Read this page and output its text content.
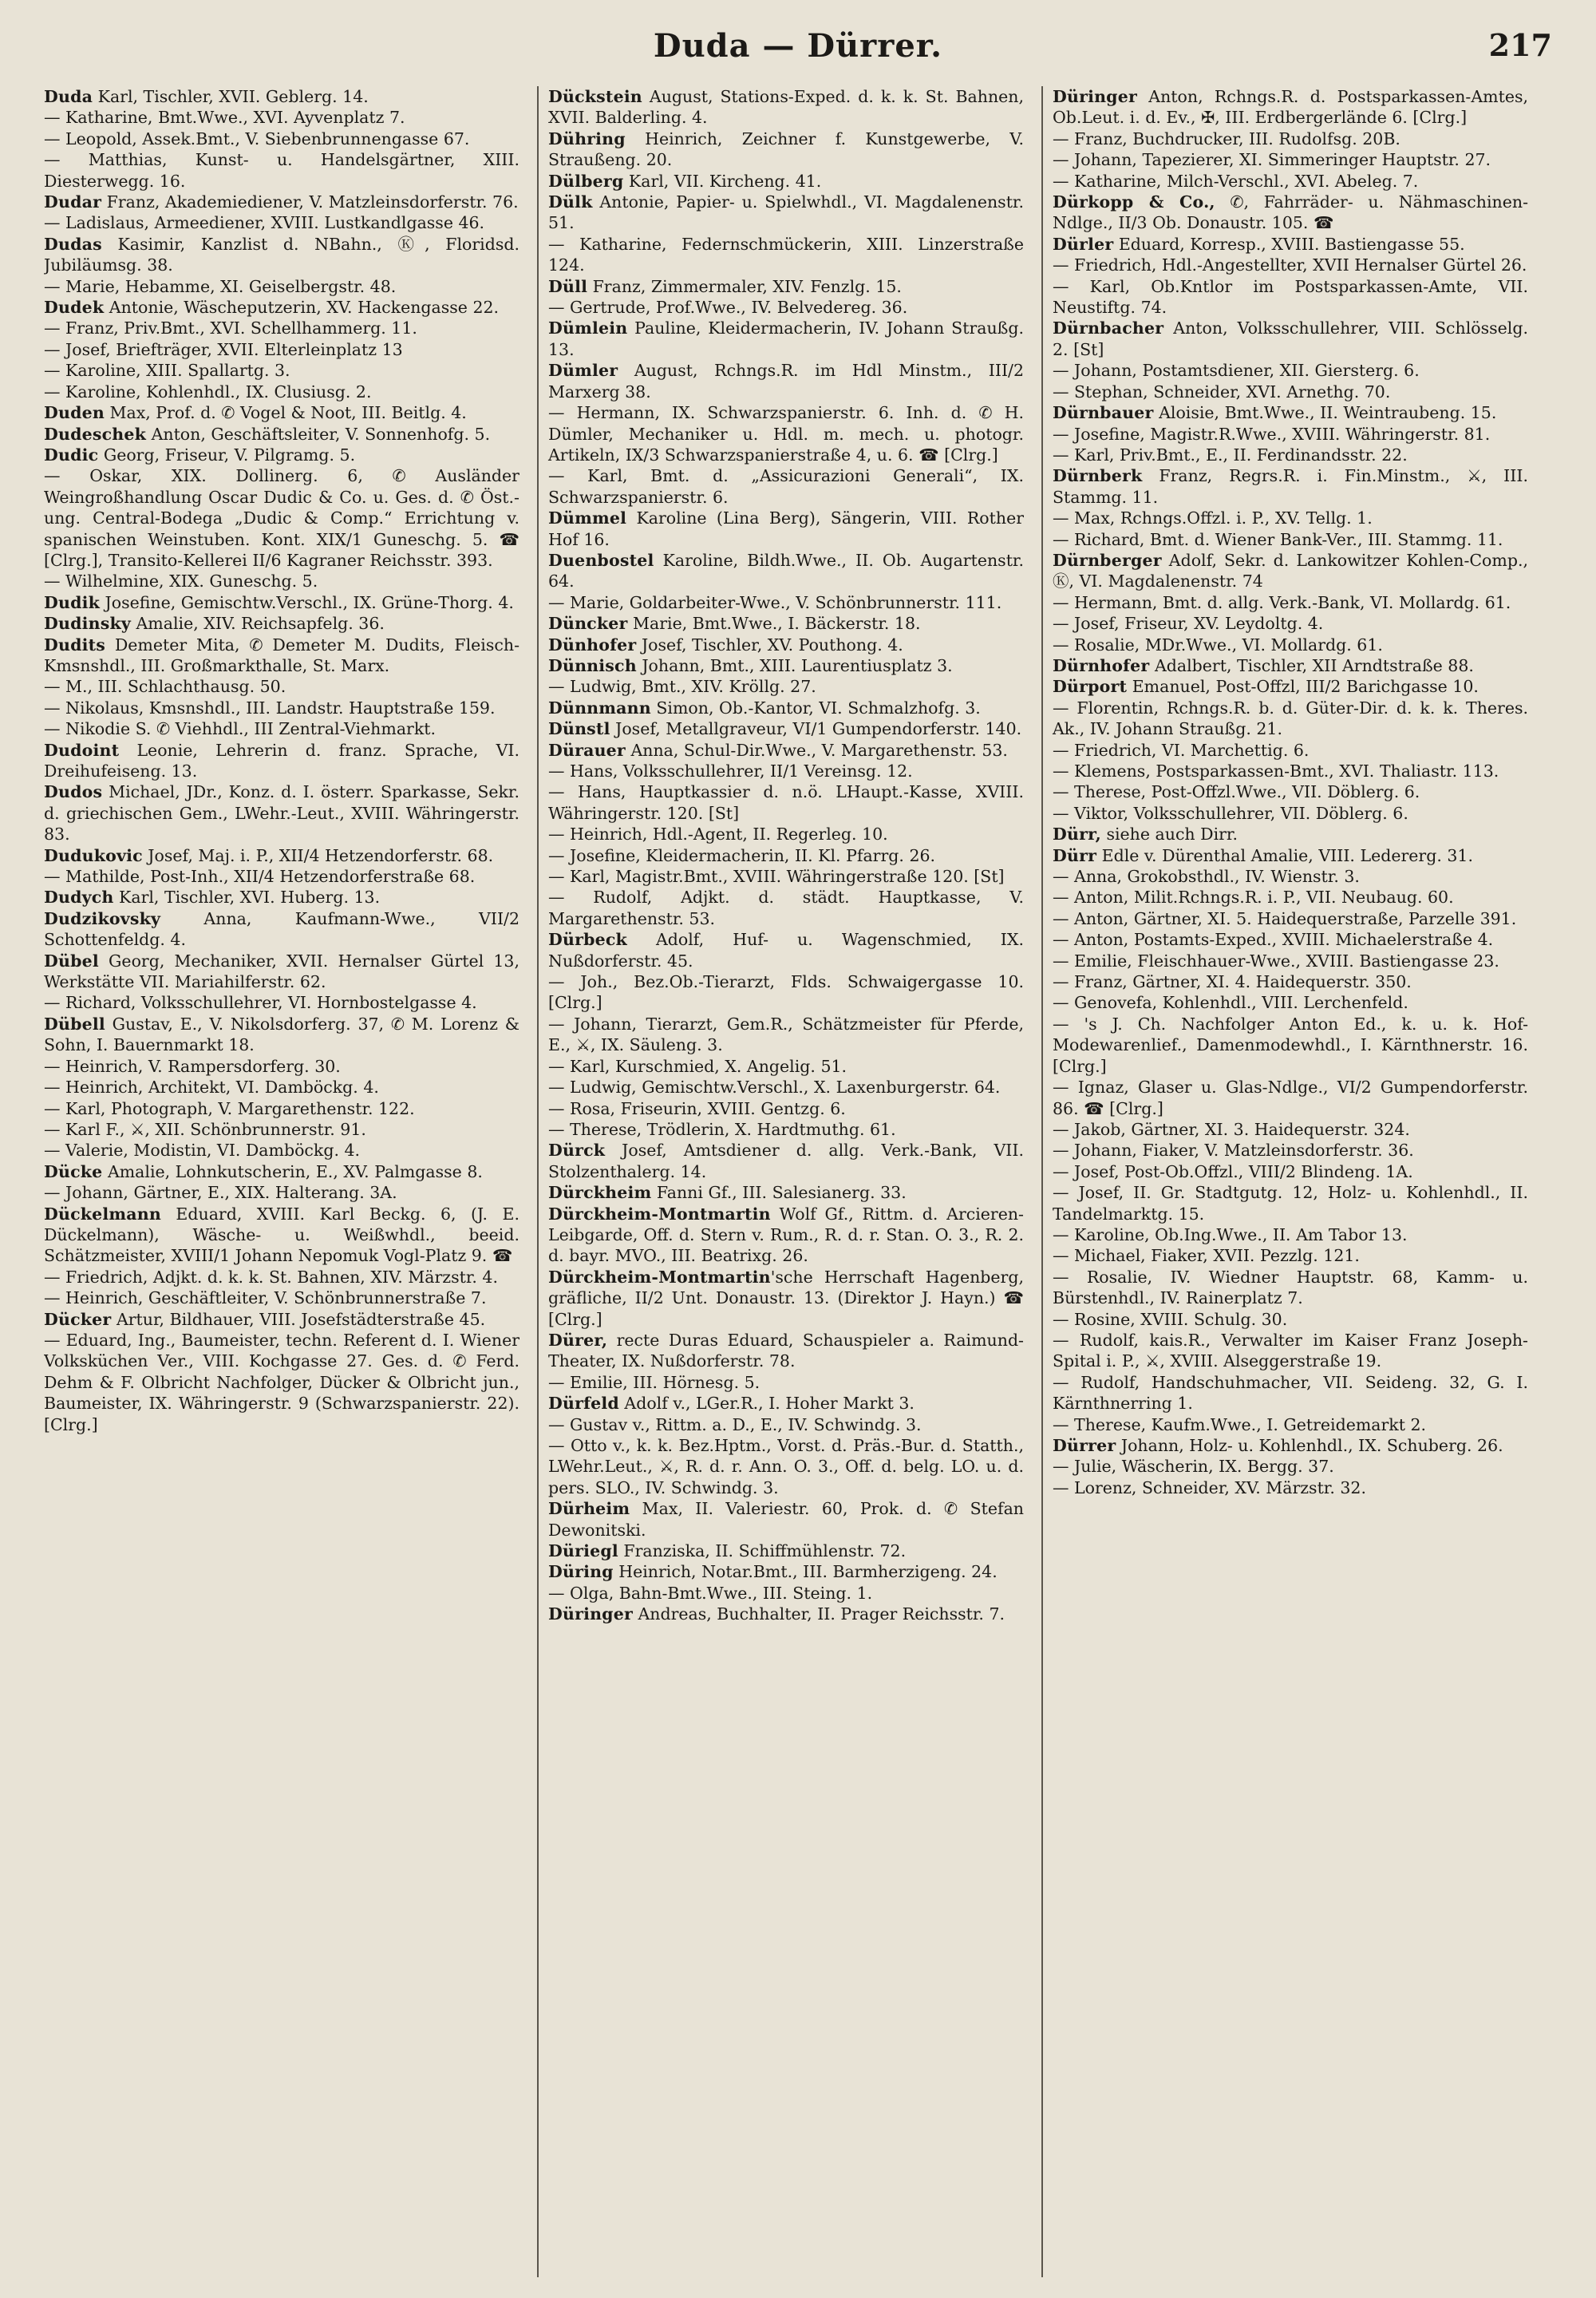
Duda — Dürrer.	217

Duda Karl, Tischler, XVII. Geblerg. 14.

— Katharine, Bmt.Wwe., XVI. Ayvenplatz 7.

— Leopold, Assek.Bmt., V. Siebenbrunnengasse 67.

— Matthias, Kunst- u. Handelsgärtner, XIII. Diesterwegg. 16.

Dudar Franz, Akademiediener, V. Matzleinsdorferstr. 76.

— Ladislaus, Armeediener, XVIII. Lustkandlgasse 46.

Dudas Kasimir, Kanzlist d. NBahn., Ⓚ, Floridsd. Jubiläumsg. 38.

— Marie, Hebamme, XI. Geiselbergstr. 48.

Dudek Antonie, Wäscheputzerin, XV. Hackengasse 22.

— Franz, Priv.Bmt., XVI. Schellhammerg. 11.

— Josef, Briefträger, XVII. Elterleinplatz 13

— Karoline, XIII. Spallartg. 3.

— Karoline, Kohlenhdl., IX. Clusiusg. 2.

Duden Max, Prof. d. ✆ Vogel & Noot, III. Beitlg. 4.

Dudeschek Anton, Geschäftsleiter, V. Sonnenhofg. 5.

Dudic Georg, Friseur, V. Pilgramg. 5.

— Oskar, XIX. Dollinerg. 6, ✆ Ausländer Weingroßhandlung Oscar Dudic & Co. u. Ges. d. ✆ Öst.-ung. Central-Bodega „Dudic & Comp.“ Errichtung v. spanischen Weinstuben. Kont. XIX/1 Guneschg. 5. ☎ [Clrg.], Transito-Kellerei II/6 Kagraner Reichsstr. 393.

— Wilhelmine, XIX. Guneschg. 5.

Dudik Josefine, Gemischtw.Verschl., IX. Grüne-Thorg. 4.

Dudinsky Amalie, XIV. Reichsapfelg. 36.

Dudits Demeter Mita, ✆ Demeter M. Dudits, Fleisch-Kmsnshdl., III. Großmarkthalle, St. Marx.

— M., III. Schlachthausg. 50.

— Nikolaus, Kmsnshdl., III. Landstr. Hauptstraße 159.

— Nikodie S. ✆ Viehhdl., III Zentral-Viehmarkt.

Dudoint Leonie, Lehrerin d. franz. Sprache, VI. Dreihufeiseng. 13.

Dudos Michael, JDr., Konz. d. I. österr. Sparkasse, Sekr. d. griechischen Gem., LWehr.-Leut., XVIII. Währingerstr. 83.

Dudukovic Josef, Maj. i. P., XII/4 Hetzendorferstr. 68.

— Mathilde, Post-Inh., XII/4 Hetzendorferstraße 68.

Dudych Karl, Tischler, XVI. Huberg. 13.

Dudzikovsky Anna, Kaufmann-Wwe., VII/2 Schottenfeldg. 4.

Dübel Georg, Mechaniker, XVII. Hernalser Gürtel 13, Werkstätte VII. Mariahilferstr. 62.

— Richard, Volksschullehrer, VI. Hornbostelgasse 4.

Dübell Gustav, E., V. Nikolsdorferg. 37, ✆ M. Lorenz & Sohn, I. Bauernmarkt 18.

— Heinrich, V. Rampersdorferg. 30.

— Heinrich, Architekt, VI. Damböckg. 4.

— Karl, Photograph, V. Margarethenstr. 122.

— Karl F., ⚔, XII. Schönbrunnerstr. 91.

— Valerie, Modistin, VI. Damböckg. 4.

Dücke Amalie, Lohnkutscherin, E., XV. Palmgasse 8.

— Johann, Gärtner, E., XIX. Halterang. 3A.

Dückelmann Eduard, XVIII. Karl Beckg. 6, (J. E. Dückelmann), Wäsche- u. Weißwhdl., beeid. Schätzmeister, XVIII/1 Johann Nepomuk Vogl-Platz 9. ☎

— Friedrich, Adjkt. d. k. k. St. Bahnen, XIV. Märzstr. 4.

— Heinrich, Geschäftleiter, V. Schönbrunnerstraße 7.

Dücker Artur, Bildhauer, VIII. Josefstädterstraße 45.

— Eduard, Ing., Baumeister, techn. Referent d. I. Wiener Volksküchen Ver., VIII. Kochgasse 27. Ges. d. ✆ Ferd. Dehm & F. Olbricht Nachfolger, Dücker & Olbricht jun., Baumeister, IX. Währingerstr. 9 (Schwarzspanierstr. 22). [Clrg.]

Dückstein August, Stations-Exped. d. k. k. St. Bahnen, XVII. Balderling. 4.

Dühring Heinrich, Zeichner f. Kunstgewerbe, V. Straußeng. 20.

Dülberg Karl, VII. Kircheng. 41.

Dülk Antonie, Papier- u. Spielwhdl., VI. Magdalenenstr. 51.

— Katharine, Federnschmückerin, XIII. Linzerstraße 124.

Düll Franz, Zimmermaler, XIV. Fenzlg. 15.

— Gertrude, Prof.Wwe., IV. Belvedereg. 36.

Dümlein Pauline, Kleidermacherin, IV. Johann Straußg. 13.

Dümler August, Rchngs.R. im Hdl Minstm., III/2 Marxerg 38.

— Hermann, IX. Schwarzspanierstr. 6. Inh. d. ✆ H. Dümler, Mechaniker u. Hdl. m. mech. u. photogr. Artikeln, IX/3 Schwarzspanierstraße 4, u. 6. ☎ [Clrg.]

— Karl, Bmt. d. „Assicurazioni Generali“, IX. Schwarzspanierstr. 6.

Dümmel Karoline (Lina Berg), Sängerin, VIII. Rother Hof 16.

Duenbostel Karoline, Bildh.Wwe., II. Ob. Augartenstr. 64.

— Marie, Goldarbeiter-Wwe., V. Schönbrunnerstr. 111.

Düncker Marie, Bmt.Wwe., I. Bäckerstr. 18.

Dünhofer Josef, Tischler, XV. Pouthong. 4.

Dünnisch Johann, Bmt., XIII. Laurentiusplatz 3.

— Ludwig, Bmt., XIV. Kröllg. 27.

Dünnmann Simon, Ob.-Kantor, VI. Schmalzhofg. 3.

Dünstl Josef, Metallgraveur, VI/1 Gumpendorferstr. 140.

Dürauer Anna, Schul-Dir.Wwe., V. Margarethenstr. 53.

— Hans, Volksschullehrer, II/1 Vereinsg. 12.

— Hans, Hauptkassier d. n.ö. LHaupt.-Kasse, XVIII. Währingerstr. 120. [St]

— Heinrich, Hdl.-Agent, II. Regerleg. 10.

— Josefine, Kleidermacherin, II. Kl. Pfarrg. 26.

— Karl, Magistr.Bmt., XVIII. Währingerstraße 120. [St]

— Rudolf, Adjkt. d. städt. Hauptkasse, V. Margarethenstr. 53.

Dürbeck Adolf, Huf- u. Wagenschmied, IX. Nußdorferstr. 45.

— Joh., Bez.Ob.-Tierarzt, Flds. Schwaigergasse 10. [Clrg.]

— Johann, Tierarzt, Gem.R., Schätzmeister für Pferde, E., ⚔, IX. Säuleng. 3.

— Karl, Kurschmied, X. Angelig. 51.

— Ludwig, Gemischtw.Verschl., X. Laxenburgerstr. 64.

— Rosa, Friseurin, XVIII. Gentzg. 6.

— Therese, Trödlerin, X. Hardtmuthg. 61.

Dürck Josef, Amtsdiener d. allg. Verk.-Bank, VII. Stolzenthalerg. 14.

Dürckheim Fanni Gf., III. Salesianerg. 33.

Dürckheim-Montmartin Wolf Gf., Rittm. d. Arcieren-Leibgarde, Off. d. Stern v. Rum., R. d. r. Stan. O. 3., R. 2. d. bayr. MVO., III. Beatrixg. 26.

Dürckheim-Montmartin'sche Herrschaft Hagenberg, gräfliche, II/2 Unt. Donaustr. 13. (Direktor J. Hayn.) ☎ [Clrg.]

Dürer, recte Duras Eduard, Schauspieler a. Raimund-Theater, IX. Nußdorferstr. 78.

— Emilie, III. Hörnesg. 5.

Dürfeld Adolf v., LGer.R., I. Hoher Markt 3.

— Gustav v., Rittm. a. D., E., IV. Schwindg. 3.

— Otto v., k. k. Bez.Hptm., Vorst. d. Präs.-Bur. d. Statth., LWehr.Leut., ⚔, R. d. r. Ann. O. 3., Off. d. belg. LO. u. d. pers. SLO., IV. Schwindg. 3.

Dürheim Max, II. Valeriestr. 60, Prok. d. ✆ Stefan Dewonitski.

Düriegl Franziska, II. Schiffmühlenstr. 72.

Düring Heinrich, Notar.Bmt., III. Barmherzigeng. 24.

— Olga, Bahn-Bmt.Wwe., III. Steing. 1.

Düringer Andreas, Buchhalter, II. Prager Reichsstr. 7.

Düringer Anton, Rchngs.R. d. Postsparkassen-Amtes, Ob.Leut. i. d. Ev., ✠, III. Erdbergerlände 6. [Clrg.]

— Franz, Buchdrucker, III. Rudolfsg. 20B.

— Johann, Tapezierer, XI. Simmeringer Hauptstr. 27.

— Katharine, Milch-Verschl., XVI. Abeleg. 7.

Dürkopp & Co., ✆, Fahrräder- u. Nähmaschinen-Ndlge., II/3 Ob. Donaustr. 105. ☎

Dürler Eduard, Korresp., XVIII. Bastiengasse 55.

— Friedrich, Hdl.-Angestellter, XVII Hernalser Gürtel 26.

— Karl, Ob.Kntlor im Postsparkassen-Amte, VII. Neustiftg. 74.

Dürnbacher Anton, Volksschullehrer, VIII. Schlösselg. 2. [St]

— Johann, Postamtsdiener, XII. Giersterg. 6.

— Stephan, Schneider, XVI. Arnethg. 70.

Dürnbauer Aloisie, Bmt.Wwe., II. Weintraubeng. 15.

— Josefine, Magistr.R.Wwe., XVIII. Währingerstr. 81.

— Karl, Priv.Bmt., E., II. Ferdinandsstr. 22.

Dürnberk Franz, Regrs.R. i. Fin.Minstm., ⚔, III. Stammg. 11.

— Max, Rchngs.Offzl. i. P., XV. Tellg. 1.

— Richard, Bmt. d. Wiener Bank-Ver., III. Stammg. 11.

Dürnberger Adolf, Sekr. d. Lankowitzer Kohlen-Comp., Ⓚ, VI. Magdalenenstr. 74

— Hermann, Bmt. d. allg. Verk.-Bank, VI. Mollardg. 61.

— Josef, Friseur, XV. Leydoltg. 4.

— Rosalie, MDr.Wwe., VI. Mollardg. 61.

Dürnhofer Adalbert, Tischler, XII Arndtstraße 88.

Dürport Emanuel, Post-Offzl, III/2 Barichgasse 10.

— Florentin, Rchngs.R. b. d. Güter-Dir. d. k. k. Theres. Ak., IV. Johann Straußg. 21.

— Friedrich, VI. Marchettig. 6.

— Klemens, Postsparkassen-Bmt., XVI. Thaliastr. 113.

— Therese, Post-Offzl.Wwe., VII. Döblerg. 6.

— Viktor, Volksschullehrer, VII. Döblerg. 6.

Dürr, siehe auch Dirr.

Dürr Edle v. Dürenthal Amalie, VIII. Ledererg. 31.

— Anna, Grokobsthdl., IV. Wienstr. 3.

— Anton, Milit.Rchngs.R. i. P., VII. Neubaug. 60.

— Anton, Gärtner, XI. 5. Haidequerstraße, Parzelle 391.

— Anton, Postamts-Exped., XVIII. Michaelerstraße 4.

— Emilie, Fleischhauer-Wwe., XVIII. Bastiengasse 23.

— Franz, Gärtner, XI. 4. Haidequerstr. 350.

— Genovefa, Kohlenhdl., VIII. Lerchenfeld.

— 's J. Ch. Nachfolger Anton Ed., k. u. k. Hof-Modewarenlief., Damenmodewhdl., I. Kärnthnerstr. 16. [Clrg.]

— Ignaz, Glaser u. Glas-Ndlge., VI/2 Gumpendorferstr. 86. ☎ [Clrg.]

— Jakob, Gärtner, XI. 3. Haidequerstr. 324.

— Johann, Fiaker, V. Matzleinsdorferstr. 36.

— Josef, Post-Ob.Offzl., VIII/2 Blindeng. 1A.

— Josef, II. Gr. Stadtgutg. 12, Holz- u. Kohlenhdl., II. Tandelmarktg. 15.

— Karoline, Ob.Ing.Wwe., II. Am Tabor 13.

— Michael, Fiaker, XVII. Pezzlg. 121.

— Rosalie, IV. Wiedner Hauptstr. 68, Kamm- u. Bürstenhdl., IV. Rainerplatz 7.

— Rosine, XVIII. Schulg. 30.

— Rudolf, kais.R., Verwalter im Kaiser Franz Joseph-Spital i. P., ⚔, XVIII. Alseggerstraße 19.

— Rudolf, Handschuhmacher, VII. Seideng. 32, G. I. Kärnthnerring 1.

— Therese, Kaufm.Wwe., I. Getreidemarkt 2.

Dürrer Johann, Holz- u. Kohlenhdl., IX. Schuberg. 26.

— Julie, Wäscherin, IX. Bergg. 37.

— Lorenz, Schneider, XV. Märzstr. 32.
